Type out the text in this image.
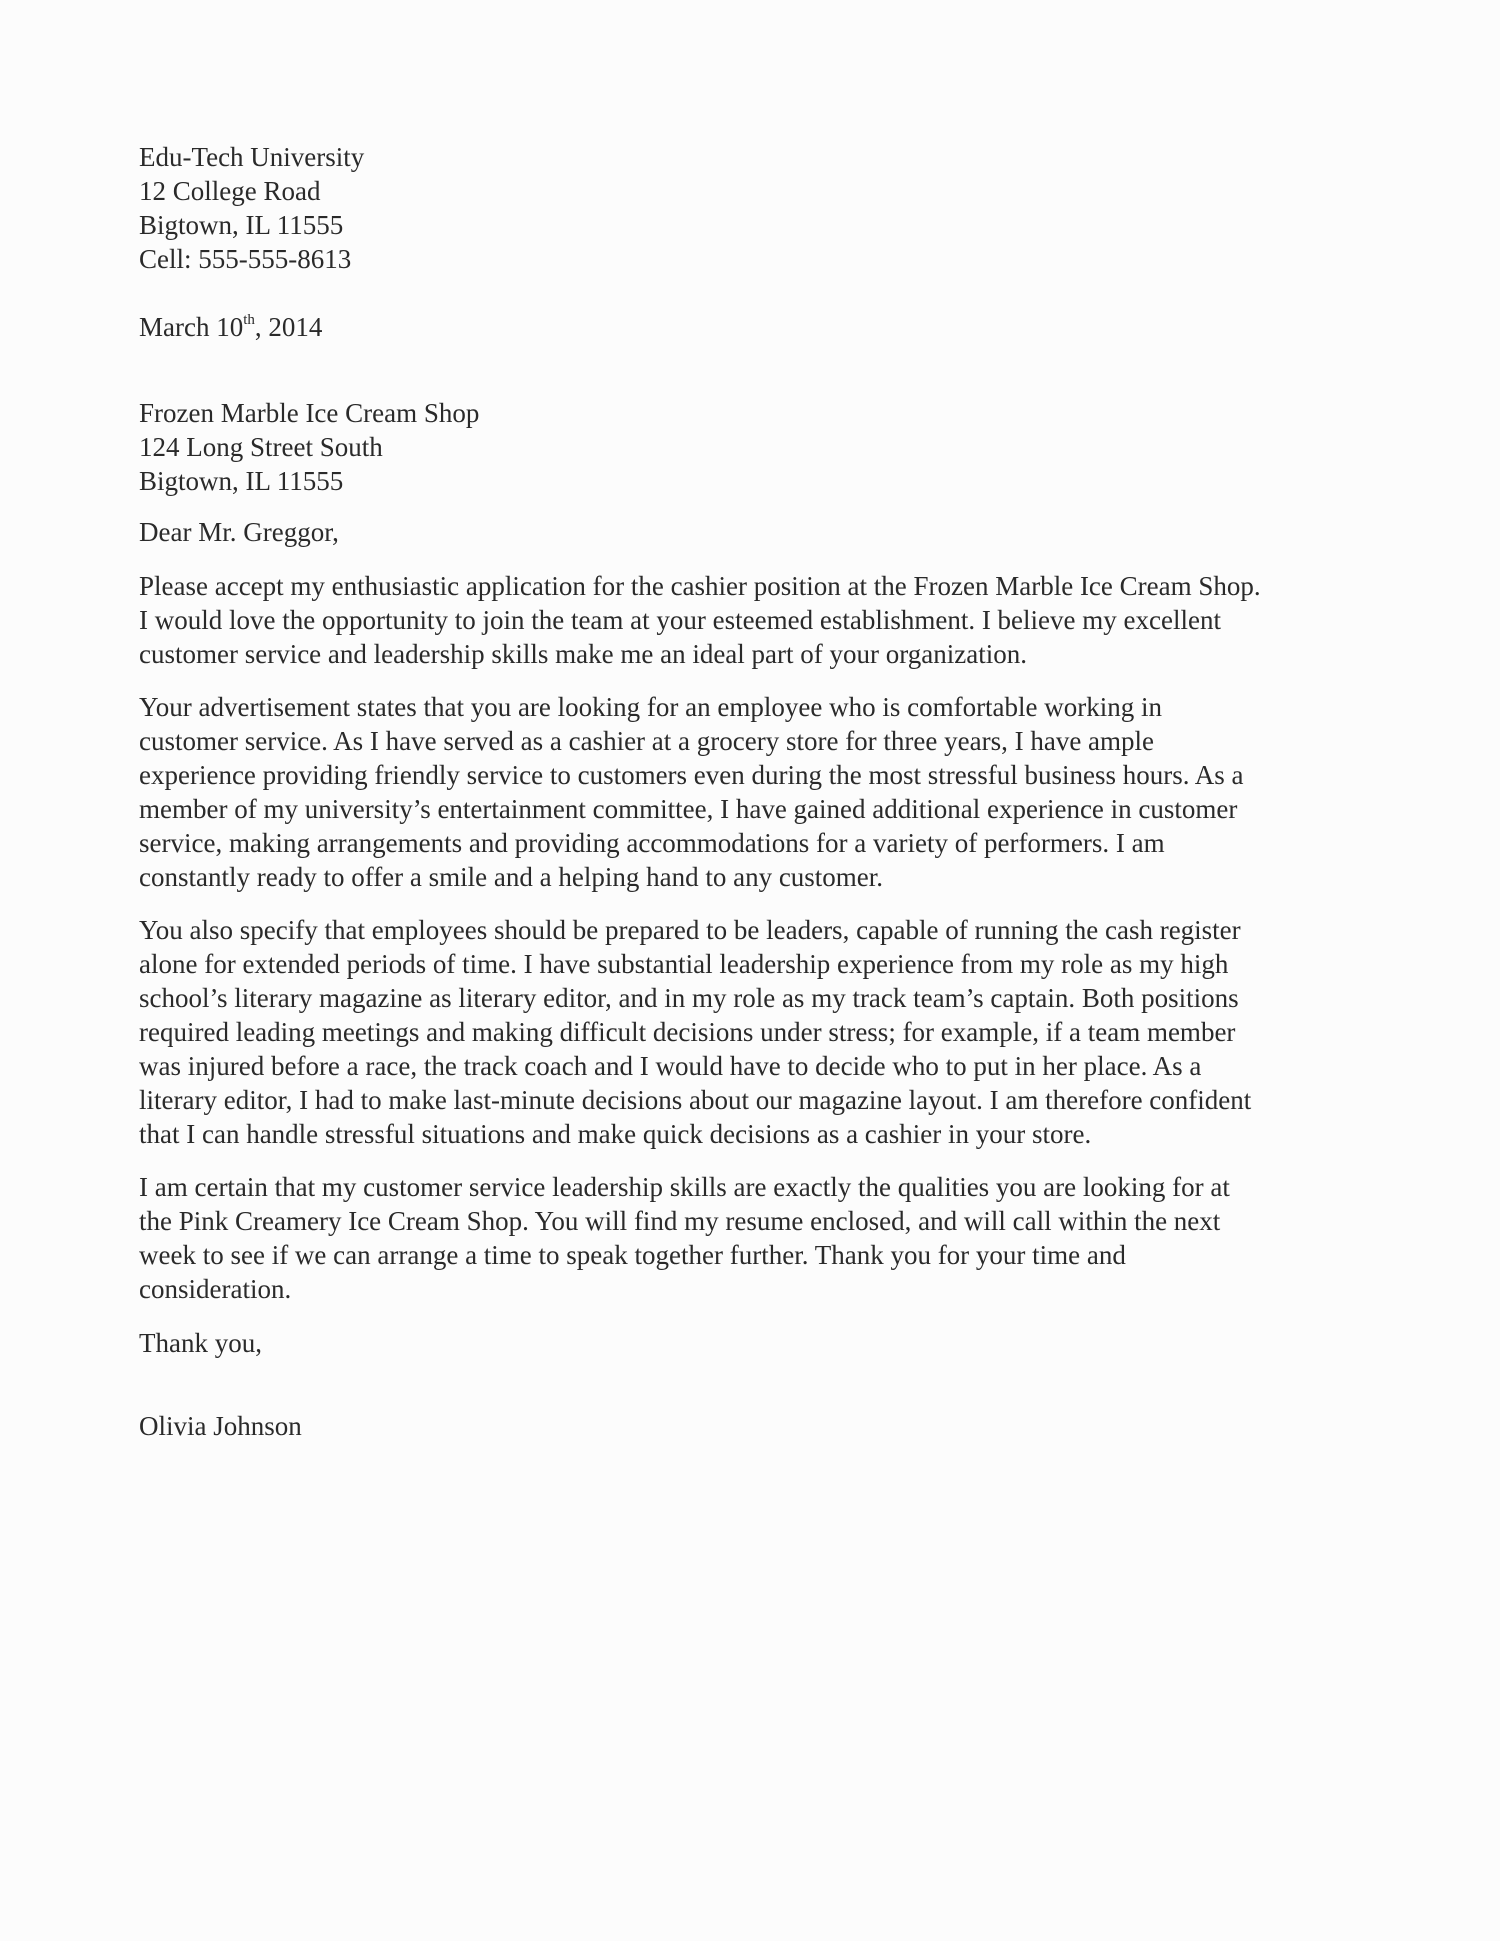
Edu-Tech University
12 College Road
Bigtown, IL 11555
Cell: 555-555-8613
March 10th, 2014
Frozen Marble Ice Cream Shop
124 Long Street South
Bigtown, IL 11555
Dear Mr. Greggor,
Please accept my enthusiastic application for the cashier position at the Frozen Marble Ice Cream Shop.
I would love the opportunity to join the team at your esteemed establishment. I believe my excellent
customer service and leadership skills make me an ideal part of your organization.
Your advertisement states that you are looking for an employee who is comfortable working in
customer service. As I have served as a cashier at a grocery store for three years, I have ample
experience providing friendly service to customers even during the most stressful business hours. As a
member of my university’s entertainment committee, I have gained additional experience in customer
service, making arrangements and providing accommodations for a variety of performers. I am
constantly ready to offer a smile and a helping hand to any customer.
You also specify that employees should be prepared to be leaders, capable of running the cash register
alone for extended periods of time. I have substantial leadership experience from my role as my high
school’s literary magazine as literary editor, and in my role as my track team’s captain. Both positions
required leading meetings and making difficult decisions under stress; for example, if a team member
was injured before a race, the track coach and I would have to decide who to put in her place. As a
literary editor, I had to make last-minute decisions about our magazine layout. I am therefore confident
that I can handle stressful situations and make quick decisions as a cashier in your store.
I am certain that my customer service leadership skills are exactly the qualities you are looking for at
the Pink Creamery Ice Cream Shop. You will find my resume enclosed, and will call within the next
week to see if we can arrange a time to speak together further. Thank you for your time and
consideration.
Thank you,
Olivia Johnson
